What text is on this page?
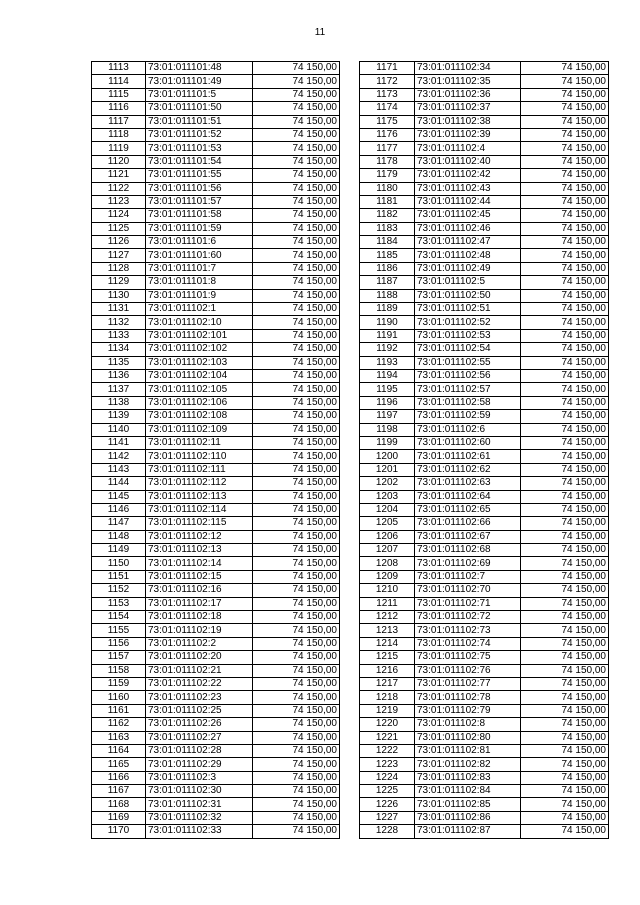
11
1113	73:01:011101:48	74 150,00
1114	73:01:011101:49	74 150,00
1115	73:01:011101:5	74 150,00
1116	73:01:011101:50	74 150,00
1117	73:01:011101:51	74 150,00
1118	73:01:011101:52	74 150,00
1119	73:01:011101:53	74 150,00
1120	73:01:011101:54	74 150,00
1121	73:01:011101:55	74 150,00
1122	73:01:011101:56	74 150,00
1123	73:01:011101:57	74 150,00
1124	73:01:011101:58	74 150,00
1125	73:01:011101:59	74 150,00
1126	73:01:011101:6	74 150,00
1127	73:01:011101:60	74 150,00
1128	73:01:011101:7	74 150,00
1129	73:01:011101:8	74 150,00
1130	73:01:011101:9	74 150,00
1131	73:01:011102:1	74 150,00
1132	73:01:011102:10	74 150,00
1133	73:01:011102:101	74 150,00
1134	73:01:011102:102	74 150,00
1135	73:01:011102:103	74 150,00
1136	73:01:011102:104	74 150,00
1137	73:01:011102:105	74 150,00
1138	73:01:011102:106	74 150,00
1139	73:01:011102:108	74 150,00
1140	73:01:011102:109	74 150,00
1141	73:01:011102:11	74 150,00
1142	73:01:011102:110	74 150,00
1143	73:01:011102:111	74 150,00
1144	73:01:011102:112	74 150,00
1145	73:01:011102:113	74 150,00
1146	73:01:011102:114	74 150,00
1147	73:01:011102:115	74 150,00
1148	73:01:011102:12	74 150,00
1149	73:01:011102:13	74 150,00
1150	73:01:011102:14	74 150,00
1151	73:01:011102:15	74 150,00
1152	73:01:011102:16	74 150,00
1153	73:01:011102:17	74 150,00
1154	73:01:011102:18	74 150,00
1155	73:01:011102:19	74 150,00
1156	73:01:011102:2	74 150,00
1157	73:01:011102:20	74 150,00
1158	73:01:011102:21	74 150,00
1159	73:01:011102:22	74 150,00
1160	73:01:011102:23	74 150,00
1161	73:01:011102:25	74 150,00
1162	73:01:011102:26	74 150,00
1163	73:01:011102:27	74 150,00
1164	73:01:011102:28	74 150,00
1165	73:01:011102:29	74 150,00
1166	73:01:011102:3	74 150,00
1167	73:01:011102:30	74 150,00
1168	73:01:011102:31	74 150,00
1169	73:01:011102:32	74 150,00
1170	73:01:011102:33	74 150,00
1171	73:01:011102:34	74 150,00
1172	73:01:011102:35	74 150,00
1173	73:01:011102:36	74 150,00
1174	73:01:011102:37	74 150,00
1175	73:01:011102:38	74 150,00
1176	73:01:011102:39	74 150,00
1177	73:01:011102:4	74 150,00
1178	73:01:011102:40	74 150,00
1179	73:01:011102:42	74 150,00
1180	73:01:011102:43	74 150,00
1181	73:01:011102:44	74 150,00
1182	73:01:011102:45	74 150,00
1183	73:01:011102:46	74 150,00
1184	73:01:011102:47	74 150,00
1185	73:01:011102:48	74 150,00
1186	73:01:011102:49	74 150,00
1187	73:01:011102:5	74 150,00
1188	73:01:011102:50	74 150,00
1189	73:01:011102:51	74 150,00
1190	73:01:011102:52	74 150,00
1191	73:01:011102:53	74 150,00
1192	73:01:011102:54	74 150,00
1193	73:01:011102:55	74 150,00
1194	73:01:011102:56	74 150,00
1195	73:01:011102:57	74 150,00
1196	73:01:011102:58	74 150,00
1197	73:01:011102:59	74 150,00
1198	73:01:011102:6	74 150,00
1199	73:01:011102:60	74 150,00
1200	73:01:011102:61	74 150,00
1201	73:01:011102:62	74 150,00
1202	73:01:011102:63	74 150,00
1203	73:01:011102:64	74 150,00
1204	73:01:011102:65	74 150,00
1205	73:01:011102:66	74 150,00
1206	73:01:011102:67	74 150,00
1207	73:01:011102:68	74 150,00
1208	73:01:011102:69	74 150,00
1209	73:01:011102:7	74 150,00
1210	73:01:011102:70	74 150,00
1211	73:01:011102:71	74 150,00
1212	73:01:011102:72	74 150,00
1213	73:01:011102:73	74 150,00
1214	73:01:011102:74	74 150,00
1215	73:01:011102:75	74 150,00
1216	73:01:011102:76	74 150,00
1217	73:01:011102:77	74 150,00
1218	73:01:011102:78	74 150,00
1219	73:01:011102:79	74 150,00
1220	73:01:011102:8	74 150,00
1221	73:01:011102:80	74 150,00
1222	73:01:011102:81	74 150,00
1223	73:01:011102:82	74 150,00
1224	73:01:011102:83	74 150,00
1225	73:01:011102:84	74 150,00
1226	73:01:011102:85	74 150,00
1227	73:01:011102:86	74 150,00
1228	73:01:011102:87	74 150,00
